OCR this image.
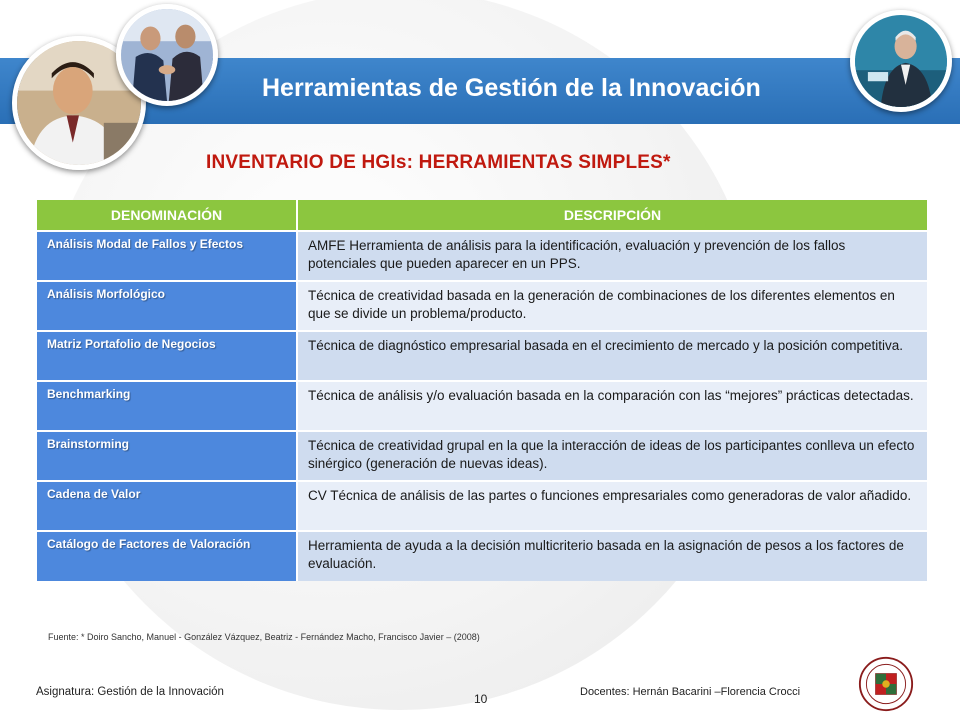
Herramientas de Gestión de la Innovación
INVENTARIO DE HGIs: HERRAMIENTAS SIMPLES*
DENOMINACIÓN	DESCRIPCIÓN
Análisis Modal de Fallos y Efectos	AMFE Herramienta de análisis para la identificación, evaluación y prevención de los fallos potenciales que pueden aparecer en un PPS.
Análisis Morfológico	Técnica de creatividad basada en la generación de combinaciones de los diferentes elementos en que se divide un problema/producto.
Matriz Portafolio de Negocios	Técnica de diagnóstico empresarial basada en el crecimiento de mercado y la posición competitiva.
Benchmarking	Técnica de análisis y/o evaluación basada en la comparación con las “mejores” prácticas detectadas.
Brainstorming	Técnica de creatividad grupal en la que la interacción de ideas de los participantes conlleva un efecto sinérgico (generación de nuevas ideas).
Cadena de Valor	CV Técnica de análisis de las partes o funciones empresariales como generadoras de valor añadido.
Catálogo de Factores de Valoración	Herramienta de ayuda a la decisión multicriterio basada en la asignación de pesos a los factores de evaluación.
Fuente: * Doiro Sancho, Manuel - González Vázquez, Beatriz - Fernández Macho, Francisco Javier – (2008)
Asignatura: Gestión de la Innovación	10	Docentes: Hernán Bacarini –Florencia Crocci
